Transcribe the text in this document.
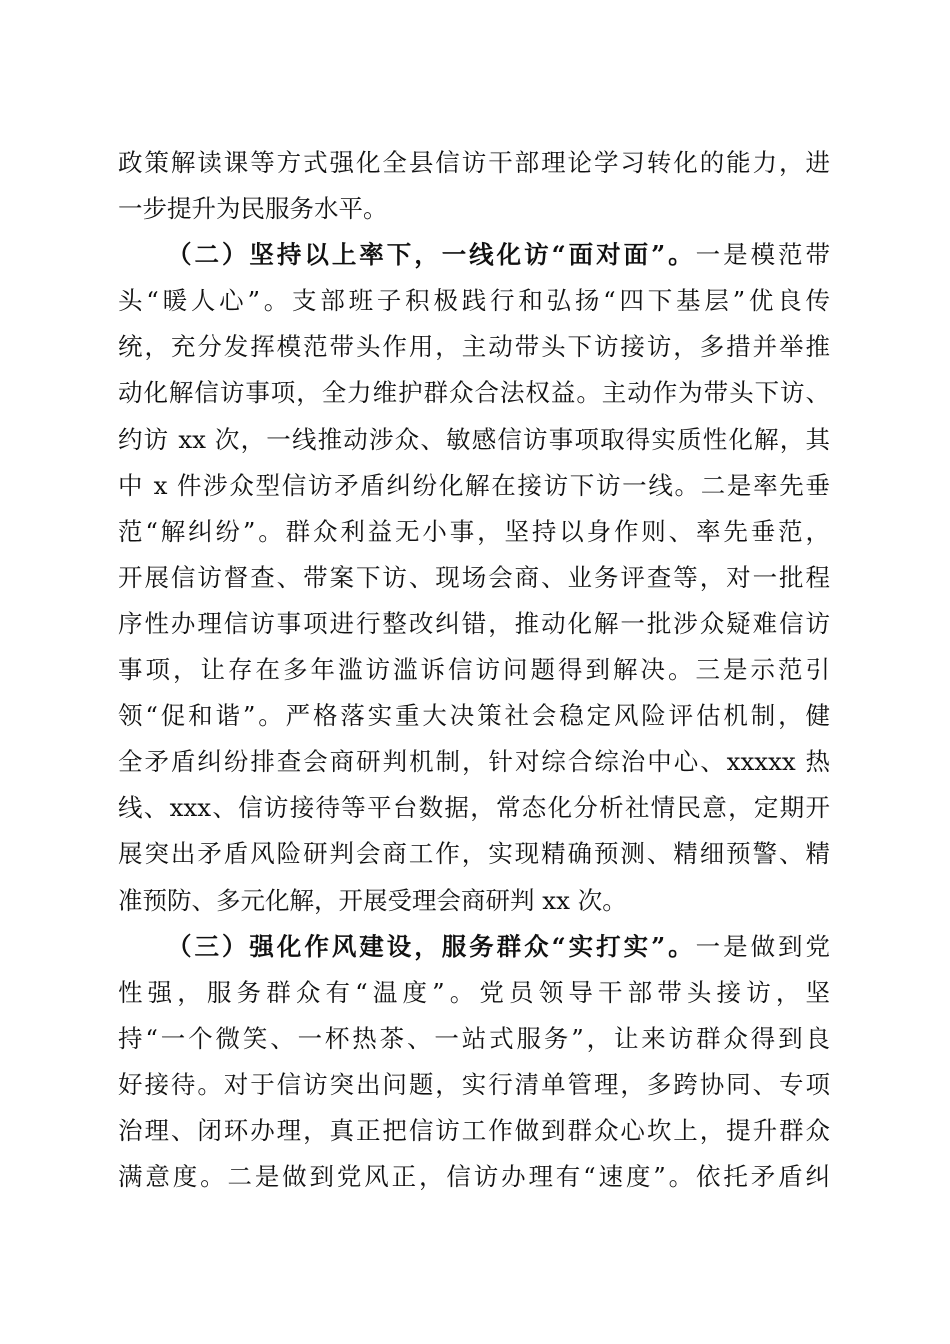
政策解读课等方式强化全县信访干部理论学习转化的能力，进
一步提升为民服务水平。
（二）坚持以上率下，一线化访“面对面”。一是模范带
头“暖人心”。支部班子积极践行和弘扬“四下基层”优良传
统，充分发挥模范带头作用，主动带头下访接访，多措并举推
动化解信访事项，全力维护群众合法权益。主动作为带头下访、
约访 xx 次，一线推动涉众、敏感信访事项取得实质性化解，其
中 x 件涉众型信访矛盾纠纷化解在接访下访一线。二是率先垂
范“解纠纷”。群众利益无小事，坚持以身作则、率先垂范，
开展信访督查、带案下访、现场会商、业务评查等，对一批程
序性办理信访事项进行整改纠错，推动化解一批涉众疑难信访
事项，让存在多年滥访滥诉信访问题得到解决。三是示范引
领“促和谐”。严格落实重大决策社会稳定风险评估机制，健
全矛盾纠纷排查会商研判机制，针对综合综治中心、xxxxx 热
线、xxx、信访接待等平台数据，常态化分析社情民意，定期开
展突出矛盾风险研判会商工作，实现精确预测、精细预警、精
准预防、多元化解，开展受理会商研判 xx 次。
（三）强化作风建设，服务群众“实打实”。一是做到党
性强，服务群众有“温度”。党员领导干部带头接访，坚
持“一个微笑、一杯热茶、一站式服务”，让来访群众得到良
好接待。对于信访突出问题，实行清单管理，多跨协同、专项
治理、闭环办理，真正把信访工作做到群众心坎上，提升群众
满意度。二是做到党风正，信访办理有“速度”。依托矛盾纠
